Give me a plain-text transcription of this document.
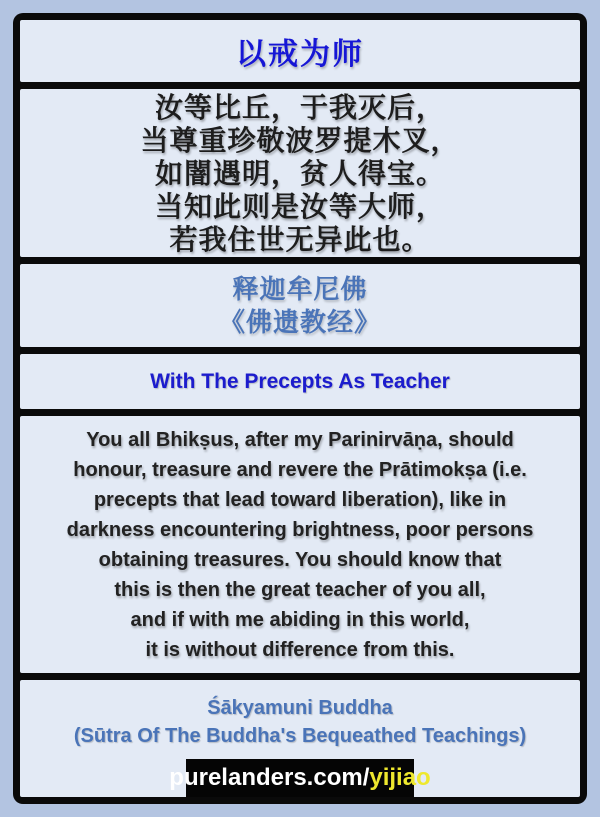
以戒为师
汝等比丘，于我灭后，
当尊重珍敬波罗提木叉，
如闇遇明，贫人得宝。
当知此则是汝等大师，
若我住世无异此也。
释迦牟尼佛
《佛遗教经》
With The Precepts As Teacher
You all Bhikṣus, after my Parinirvāṇa, should
honour, treasure and revere the Prātimokṣa (i.e.
precepts that lead toward liberation), like in
darkness encountering brightness, poor persons
obtaining treasures. You should know that
this is then the great teacher of you all,
and if with me abiding in this world,
it is without difference from this.
Śākyamuni Buddha
(Sūtra Of The Buddha's Bequeathed Teachings)
purelanders.com/ yijiao
